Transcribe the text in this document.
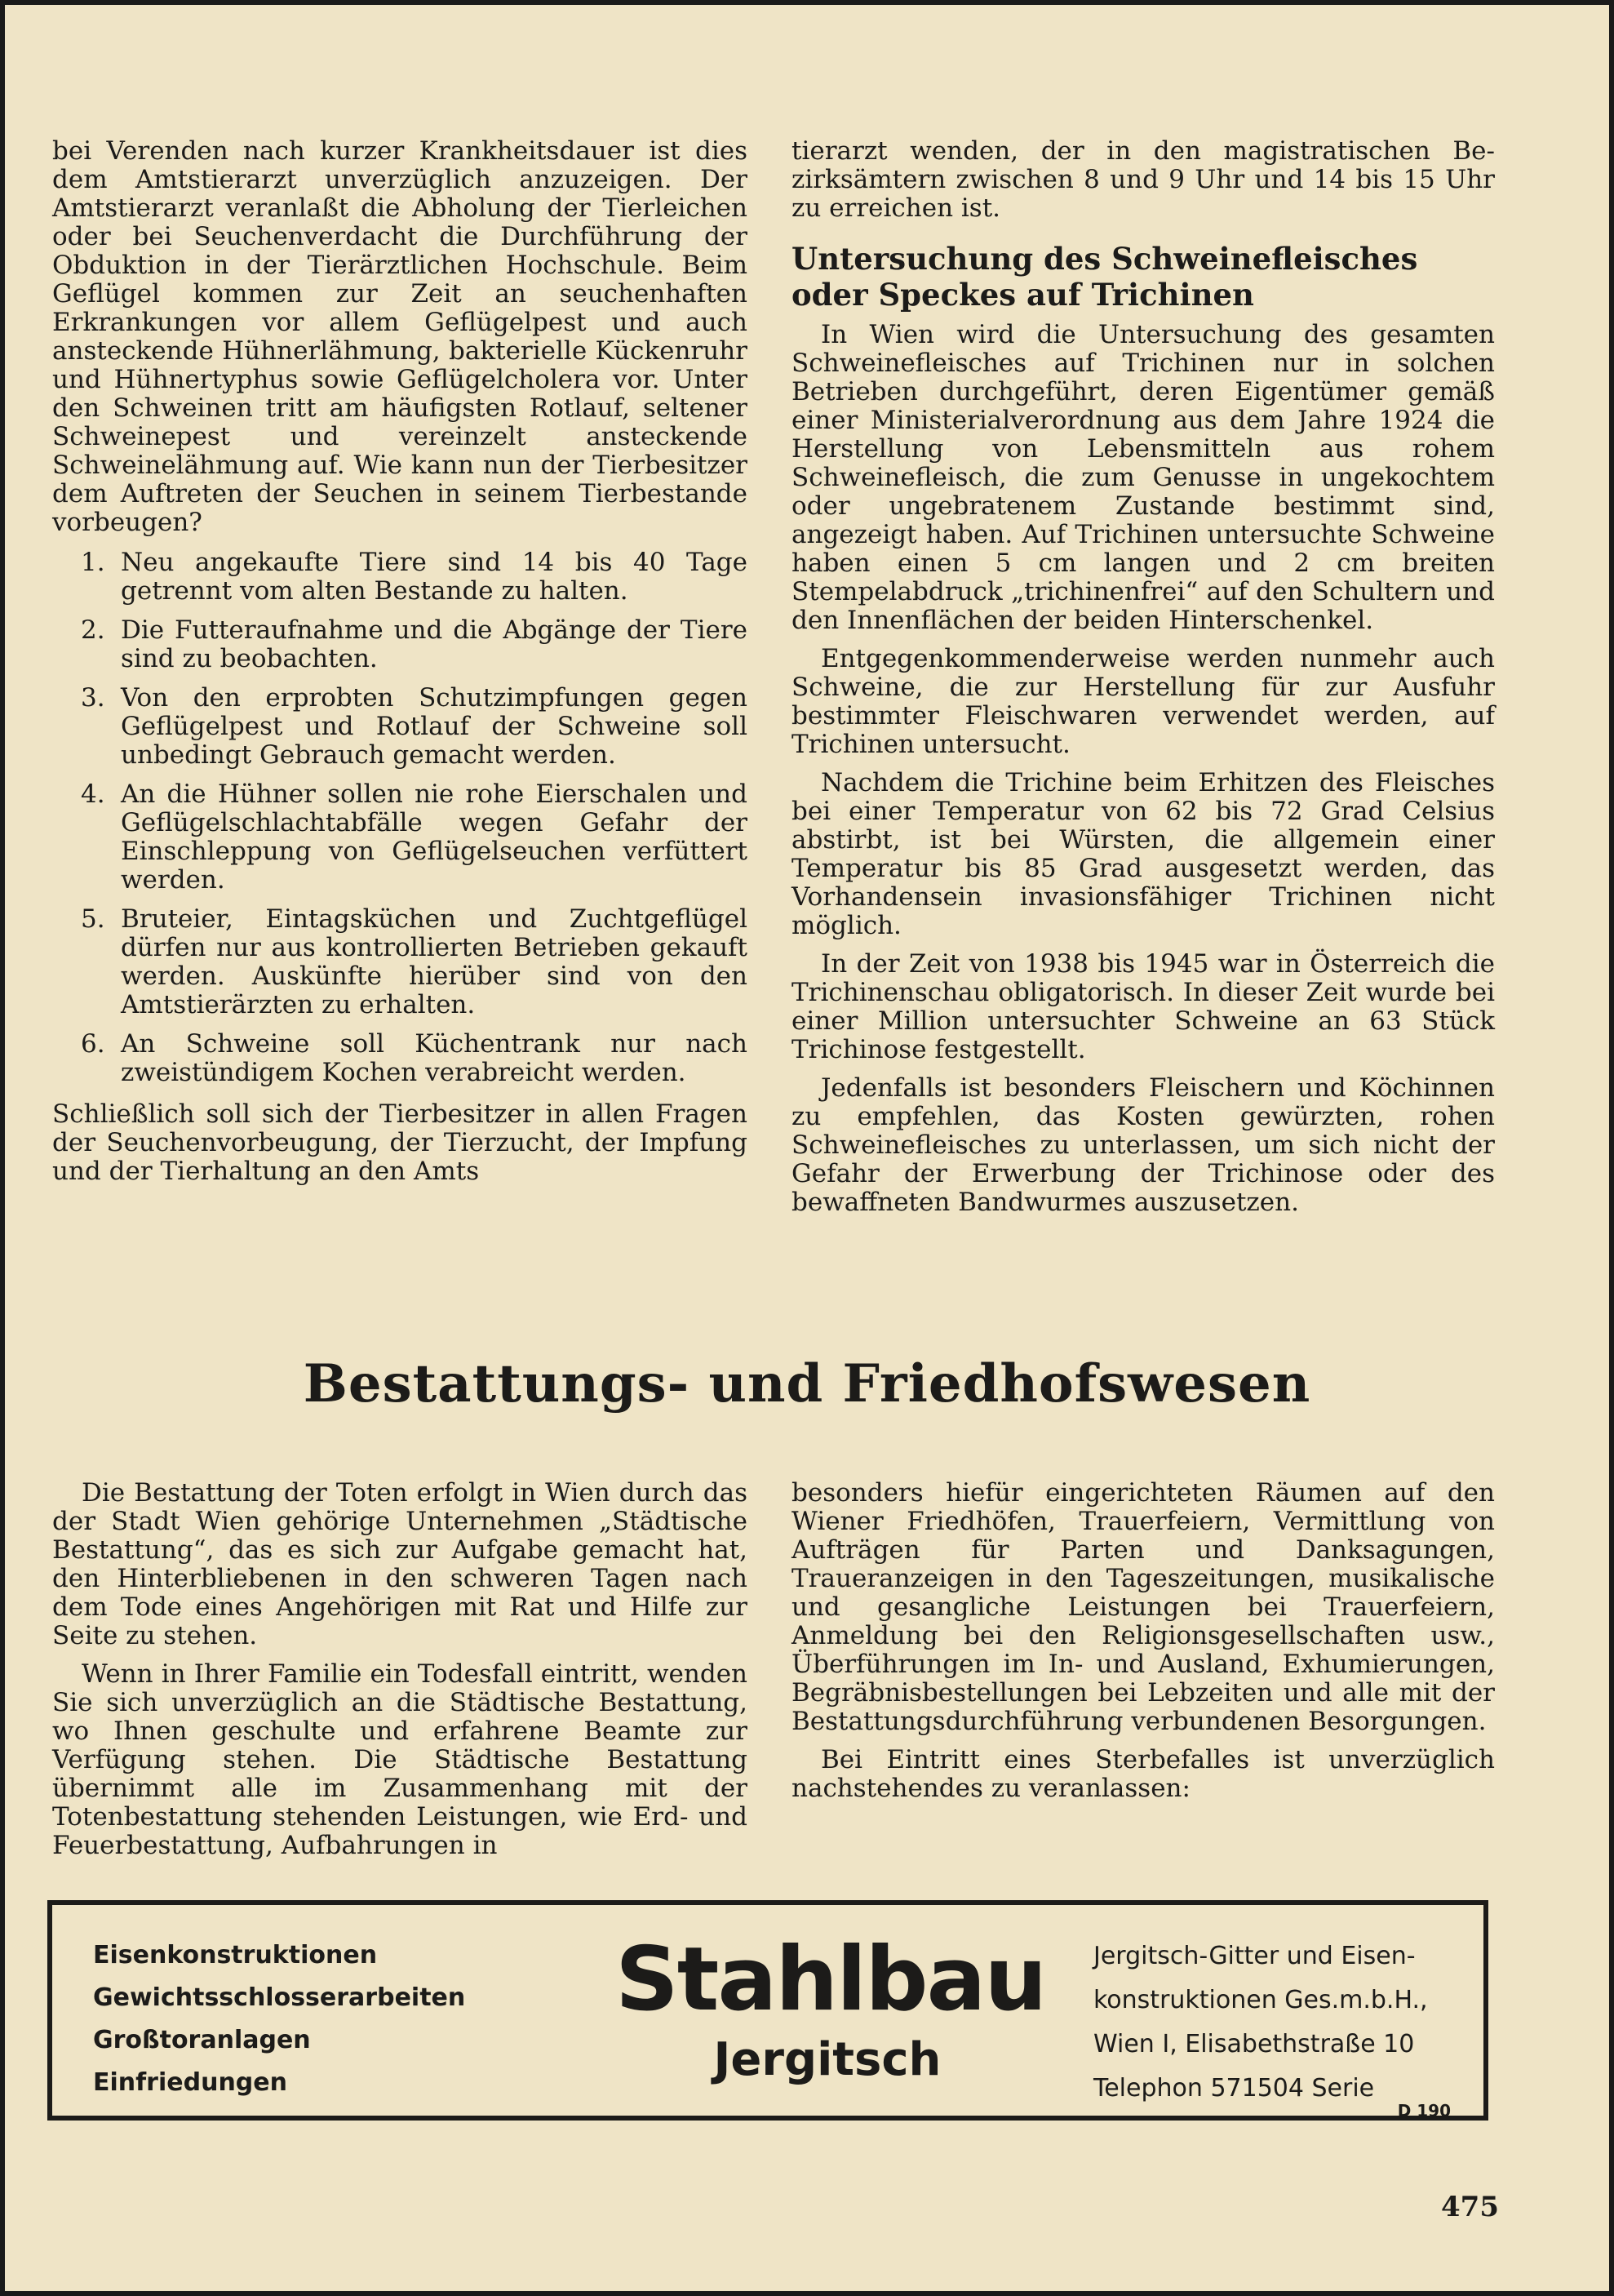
bei Verenden nach kurzer Krankheitsdauer ist dies dem Amtstierarzt unverzüglich anzuzeigen. Der Amtstierarzt veranlaßt die Abholung der Tierleichen oder bei Seuchenverdacht die Durchführung der Obduktion in der Tierärztlichen Hochschule. Beim Geflügel kommen zur Zeit an seuchenhaften Erkrankungen vor allem Geflügelpest und auch ansteckende Hühnerlähmung, bakterielle Kückenruhr und Hühnertyphus sowie Geflügelcholera vor. Unter den Schweinen tritt am häufigsten Rotlauf, seltener Schweinepest und vereinzelt ansteckende Schweinelähmung auf. Wie kann nun der Tierbesitzer dem Auftreten der Seuchen in seinem Tierbestande vorbeugen?

1. Neu angekaufte Tiere sind 14 bis 40 Tage getrennt vom alten Bestande zu halten.
2. Die Futteraufnahme und die Abgänge der Tiere sind zu beobachten.
3. Von den erprobten Schutzimpfungen gegen Geflügelpest und Rotlauf der Schweine soll unbedingt Gebrauch gemacht werden.
4. An die Hühner sollen nie rohe Eierschalen und Geflügelschlachtabfälle wegen Gefahr der Einschleppung von Geflügelseuchen verfüttert werden.
5. Bruteier, Eintagsküchen und Zuchtgeflügel dürfen nur aus kontrollierten Betrieben gekauft werden. Auskünfte hierüber sind von den Amtstierärzten zu erhalten.
6. An Schweine soll Küchentrank nur nach zweistündigem Kochen verabreicht werden.

Schließlich soll sich der Tierbesitzer in allen Fragen der Seuchenvorbeugung, der Tierzucht, der Impfung und der Tierhaltung an den Amts

tierarzt wenden, der in den magistratischen Bezirksämtern zwischen 8 und 9 Uhr und 14 bis 15 Uhr zu erreichen ist.

Untersuchung des Schweinefleisches oder Speckes auf Trichinen

In Wien wird die Untersuchung des gesamten Schweinefleisches auf Trichinen nur in solchen Betrieben durchgeführt, deren Eigentümer gemäß einer Ministerialverordnung aus dem Jahre 1924 die Herstellung von Lebensmitteln aus rohem Schweinefleisch, die zum Genusse in ungekochtem oder ungebratenem Zustande bestimmt sind, angezeigt haben. Auf Trichinen untersuchte Schweine haben einen 5 cm langen und 2 cm breiten Stempelabdruck „trichinenfrei“ auf den Schultern und den Innenflächen der beiden Hinterschenkel.

Entgegenkommenderweise werden nunmehr auch Schweine, die zur Herstellung für zur Ausfuhr bestimmter Fleischwaren verwendet werden, auf Trichinen untersucht.

Nachdem die Trichine beim Erhitzen des Fleisches bei einer Temperatur von 62 bis 72 Grad Celsius abstirbt, ist bei Würsten, die allgemein einer Temperatur bis 85 Grad ausgesetzt werden, das Vorhandensein invasionsfähiger Trichinen nicht möglich.

In der Zeit von 1938 bis 1945 war in Österreich die Trichinenschau obligatorisch. In dieser Zeit wurde bei einer Million untersuchter Schweine an 63 Stück Trichinose festgestellt.

Jedenfalls ist besonders Fleischern und Köchinnen zu empfehlen, das Kosten gewürzten, rohen Schweinefleisches zu unterlassen, um sich nicht der Gefahr der Erwerbung der Trichinose oder des bewaffneten Bandwurmes auszusetzen.

Bestattungs- und Friedhofswesen

Die Bestattung der Toten erfolgt in Wien durch das der Stadt Wien gehörige Unternehmen „Städtische Bestattung“, das es sich zur Aufgabe gemacht hat, den Hinterbliebenen in den schweren Tagen nach dem Tode eines Angehörigen mit Rat und Hilfe zur Seite zu stehen.

Wenn in Ihrer Familie ein Todesfall eintritt, wenden Sie sich unverzüglich an die Städtische Bestattung, wo Ihnen geschulte und erfahrene Beamte zur Verfügung stehen. Die Städtische Bestattung übernimmt alle im Zusammenhang mit der Totenbestattung stehenden Leistungen, wie Erd- und Feuerbestattung, Aufbahrungen in

besonders hiefür eingerichteten Räumen auf den Wiener Friedhöfen, Trauerfeiern, Vermittlung von Aufträgen für Parten und Danksagungen, Traueranzeigen in den Tageszeitungen, musikalische und gesangliche Leistungen bei Trauerfeiern, Anmeldung bei den Religionsgesellschaften usw., Überführungen im In- und Ausland, Exhumierungen, Begräbnisbestellungen bei Lebzeiten und alle mit der Bestattungsdurchführung verbundenen Besorgungen.

Bei Eintritt eines Sterbefalles ist unverzüglich nachstehendes zu veranlassen:

Eisenkonstruktionen
Gewichtsschlosserarbeiten
Großtoranlagen
Einfriedungen
Stahlbau
Jergitsch
Jergitsch-Gitter und Eisen-
konstruktionen Ges.m.b.H.,
Wien I, Elisabethstraße 10
Telephon 571504 Serie
D 190
475
